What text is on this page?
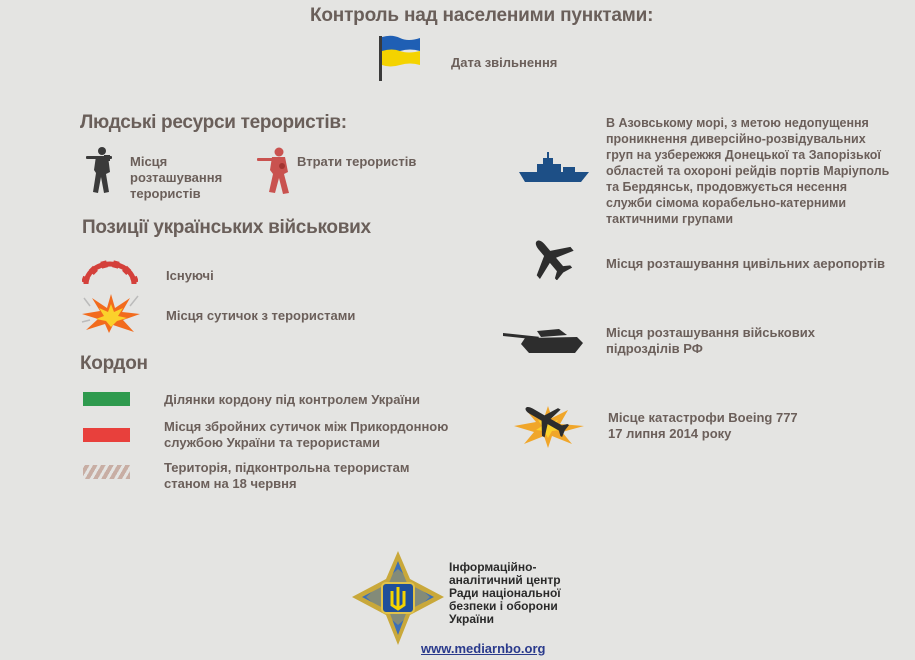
Контроль над населеними пунктами:
Дата звільнення
Людські ресурси терористів:
Місця розташування терористів
Втрати терористів
Позиції українських військових
Існуючі
Місця сутичок з терористами
Кордон
Ділянки кордону під контролем України
Місця збройних сутичок між Прикордонною службою України та терористами
Територія, підконтрольна терористам станом на 18 червня
В Азовському морі, з метою недопущення проникнення диверсійно-розвідувальних груп на узбережжя Донецької та Запорізької областей та охороні рейдів портів Маріуполь та Бердянськ, продовжується несення служби сімома корабельно-катерними тактичними групами
Місця розташування цивільних аеропортів
Місця розташування військових підрозділів РФ
Місце катастрофи Boeing 777
17 липня 2014 року
Інформаційно-аналітичний центр Ради національної безпеки і оборони України
www.mediarnbo.org
